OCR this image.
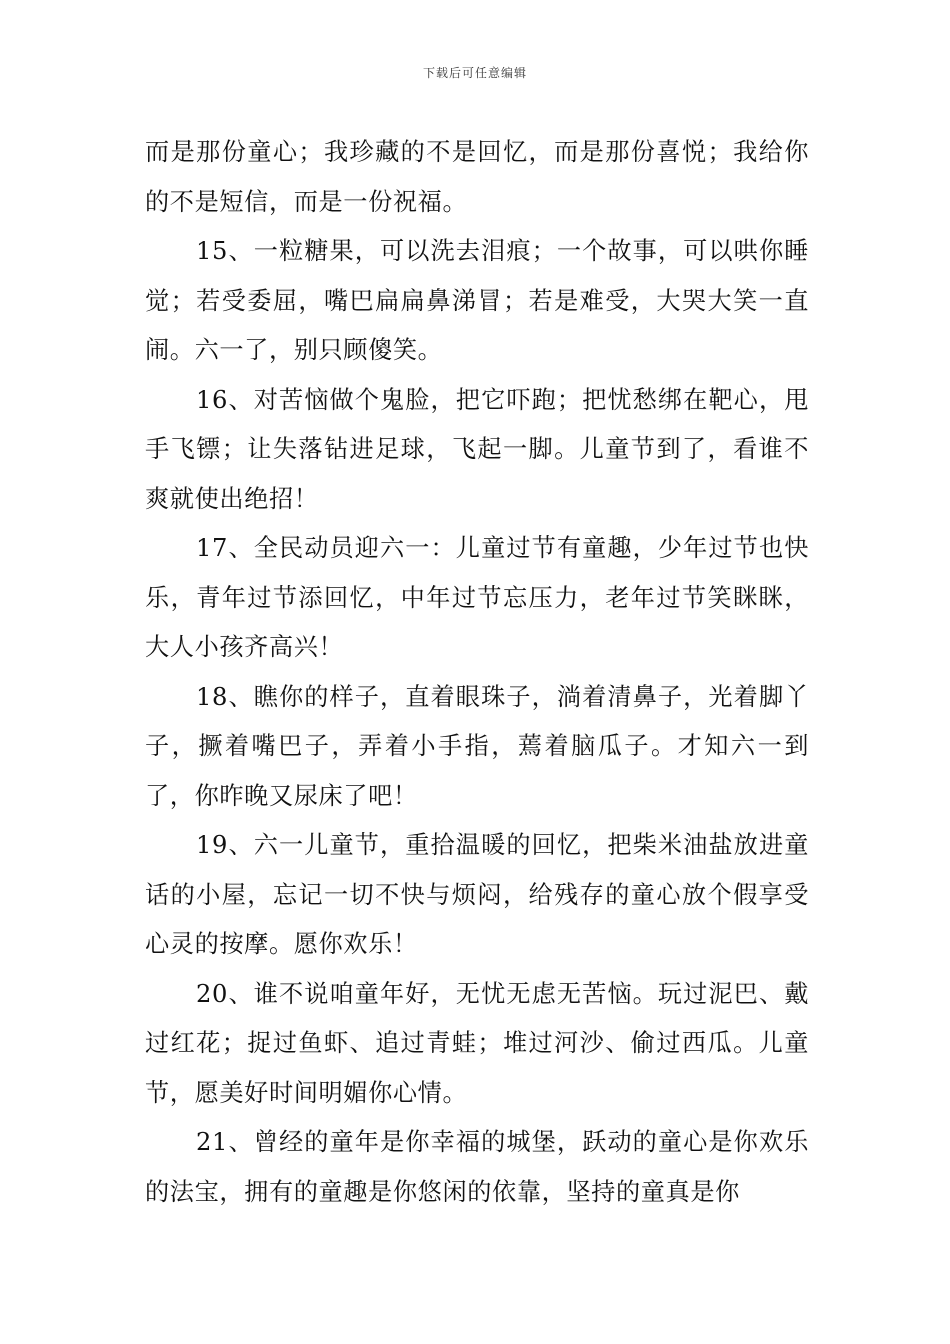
下载后可任意编辑

而是那份童心；我珍藏的不是回忆，而是那份喜悦；我给你的不是短信，而是一份祝福。

15、一粒糖果，可以洗去泪痕；一个故事，可以哄你睡觉；若受委屈，嘴巴扁扁鼻涕冒；若是难受，大哭大笑一直闹。六一了，别只顾傻笑。

16、对苦恼做个鬼脸，把它吓跑；把忧愁绑在靶心，甩手飞镖；让失落钻进足球，飞起一脚。儿童节到了，看谁不爽就使出绝招！

17、全民动员迎六一：儿童过节有童趣，少年过节也快乐，青年过节添回忆，中年过节忘压力，老年过节笑眯眯，大人小孩齐高兴！

18、瞧你的样子，直着眼珠子，淌着清鼻子，光着脚丫子，撅着嘴巴子，弄着小手指，蔫着脑瓜子。才知六一到了，你昨晚又尿床了吧！

19、六一儿童节，重拾温暖的回忆，把柴米油盐放进童话的小屋，忘记一切不快与烦闷，给残存的童心放个假享受心灵的按摩。愿你欢乐！

20、谁不说咱童年好，无忧无虑无苦恼。玩过泥巴、戴过红花；捉过鱼虾、追过青蛙；堆过河沙、偷过西瓜。儿童节，愿美好时间明媚你心情。

21、曾经的童年是你幸福的城堡，跃动的童心是你欢乐的法宝，拥有的童趣是你悠闲的依靠，坚持的童真是你
